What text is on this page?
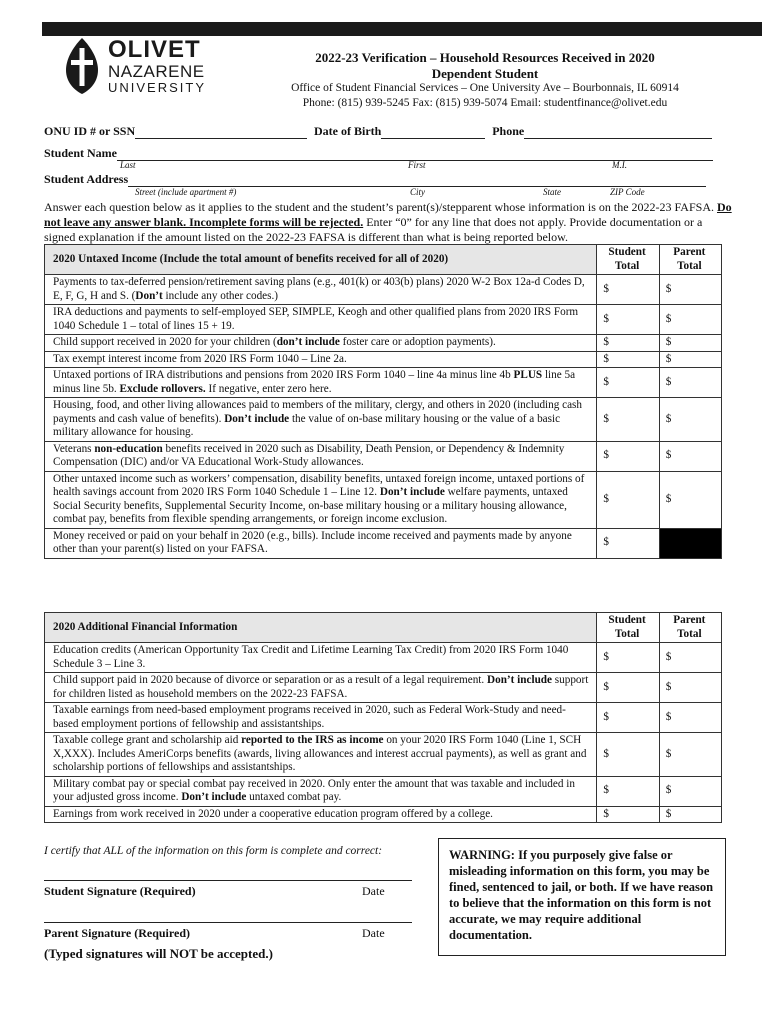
OLIVET
NAZARENE
UNIVERSITY
2022-23 Verification – Household Resources Received in 2020
Dependent Student
Office of Student Financial Services – One University Ave – Bourbonnais, IL 60914
Phone: (815) 939-5245 Fax: (815) 939-5074 Email: studentfinance@olivet.edu
ONU ID # or SSN	Date of Birth	Phone
Student Name
Last	First	M.I.
Student Address
Street (include apartment #)	City	State	ZIP Code
Answer each question below as it applies to the student and the student’s parent(s)/stepparent whose information is on the 2022-23 FAFSA. Do not leave any answer blank. Incomplete forms will be rejected. Enter “0” for any line that does not apply. Provide documentation or a signed explanation if the amount listed on the 2022-23 FAFSA is different than what is being reported below.
2020 Untaxed Income (Include the total amount of benefits received for all of 2020)	Student Total	Parent Total
Payments to tax-deferred pension/retirement saving plans (e.g., 401(k) or 403(b) plans) 2020 W-2 Box 12a-d Codes D, E, F, G, H and S. (Don’t include any other codes.)	$	$
IRA deductions and payments to self-employed SEP, SIMPLE, Keogh and other qualified plans from 2020 IRS Form 1040 Schedule 1 – total of lines 15 + 19.	$	$
Child support received in 2020 for your children (don’t include foster care or adoption payments).	$	$
Tax exempt interest income from 2020 IRS Form 1040 – Line 2a.	$	$
Untaxed portions of IRA distributions and pensions from 2020 IRS Form 1040 – line 4a minus line 4b PLUS line 5a minus line 5b. Exclude rollovers. If negative, enter zero here.	$	$
Housing, food, and other living allowances paid to members of the military, clergy, and others in 2020 (including cash payments and cash value of benefits). Don’t include the value of on-base military housing or the value of a basic military allowance for housing.	$	$
Veterans non-education benefits received in 2020 such as Disability, Death Pension, or Dependency & Indemnity Compensation (DIC) and/or VA Educational Work-Study allowances.	$	$
Other untaxed income such as workers’ compensation, disability benefits, untaxed foreign income, untaxed portions of health savings account from 2020 IRS Form 1040 Schedule 1 – Line 12. Don’t include welfare payments, untaxed Social Security benefits, Supplemental Security Income, on-base military housing or a military housing allowance, combat pay, benefits from flexible spending arrangements, or foreign income exclusion.	$	$
Money received or paid on your behalf in 2020 (e.g., bills). Include income received and payments made by anyone other than your parent(s) listed on your FAFSA.	$	
2020 Additional Financial Information	Student Total	Parent Total
Education credits (American Opportunity Tax Credit and Lifetime Learning Tax Credit) from 2020 IRS Form 1040 Schedule 3 – Line 3.	$	$
Child support paid in 2020 because of divorce or separation or as a result of a legal requirement. Don’t include support for children listed as household members on the 2022-23 FAFSA.	$	$
Taxable earnings from need-based employment programs received in 2020, such as Federal Work-Study and need-based employment portions of fellowship and assistantships.	$	$
Taxable college grant and scholarship aid reported to the IRS as income on your 2020 IRS Form 1040 (Line 1, SCH X,XXX). Includes AmeriCorps benefits (awards, living allowances and interest accrual payments), as well as grant and scholarship portions of fellowships and assistantships.	$	$
Military combat pay or special combat pay received in 2020. Only enter the amount that was taxable and included in your adjusted gross income. Don’t include untaxed combat pay.	$	$
Earnings from work received in 2020 under a cooperative education program offered by a college.	$	$
I certify that ALL of the information on this form is complete and correct:
Student Signature (Required)	Date
Parent Signature (Required)	Date
(Typed signatures will NOT be accepted.)
WARNING: If you purposely give false or misleading information on this form, you may be fined, sentenced to jail, or both. If we have reason to believe that the information on this form is not accurate, we may require additional documentation.
